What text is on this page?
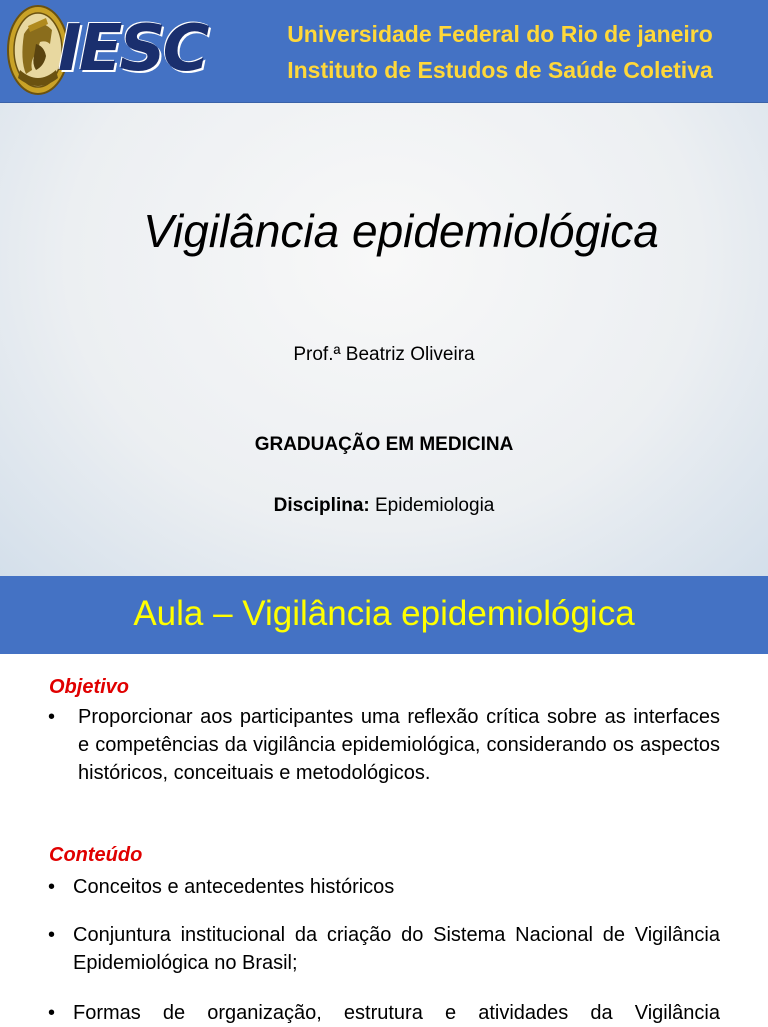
IESC	Universidade Federal do Rio de janeiro
Instituto de Estudos de Saúde Coletiva
Vigilância epidemiológica
Prof.ª Beatriz Oliveira
GRADUAÇÃO EM MEDICINA
Disciplina: Epidemiologia
Aula – Vigilância epidemiológica
Objetivo
• Proporcionar aos participantes uma reflexão crítica sobre as interfaces e competências da vigilância epidemiológica, considerando os aspectos históricos, conceituais e metodológicos.
Conteúdo
• Conceitos e antecedentes históricos
• Conjuntura institucional da criação do Sistema Nacional de Vigilância Epidemiológica no Brasil;
• Formas de organização, estrutura e atividades da Vigilância
